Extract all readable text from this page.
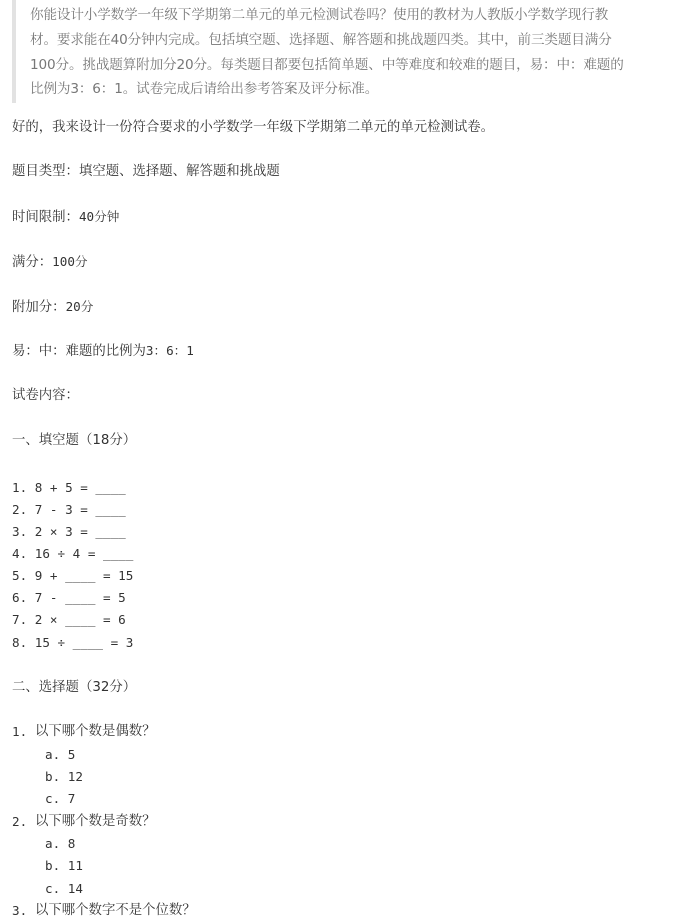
你能设计小学数学一年级下学期第二单元的单元检测试卷吗？使用的教材为人教版小学数学现行教
材。要求能在40分钟内完成。包括填空题、选择题、解答题和挑战题四类。其中，前三类题目满分
100分。挑战题算附加分20分。每类题目都要包括简单题、中等难度和较难的题目，易：中：难题的
比例为3：6：1。试卷完成后请给出参考答案及评分标准。
好的，我来设计一份符合要求的小学数学一年级下学期第二单元的单元检测试卷。
题目类型：填空题、选择题、解答题和挑战题
时间限制：40分钟
满分：100分
附加分：20分
易：中：难题的比例为3：6：1
试卷内容：
一、填空题（18分）
1. 8 + 5 = ____
2. 7 - 3 = ____
3. 2 × 3 = ____
4. 16 ÷ 4 = ____
5. 9 + ____ = 15
6. 7 - ____ = 5
7. 2 × ____ = 6
8. 15 ÷ ____ = 3
二、选择题（32分）
1. 以下哪个数是偶数？
a. 5
b. 12
c. 7
2. 以下哪个数是奇数？
a. 8
b. 11
c. 14
3. 以下哪个数字不是个位数？
